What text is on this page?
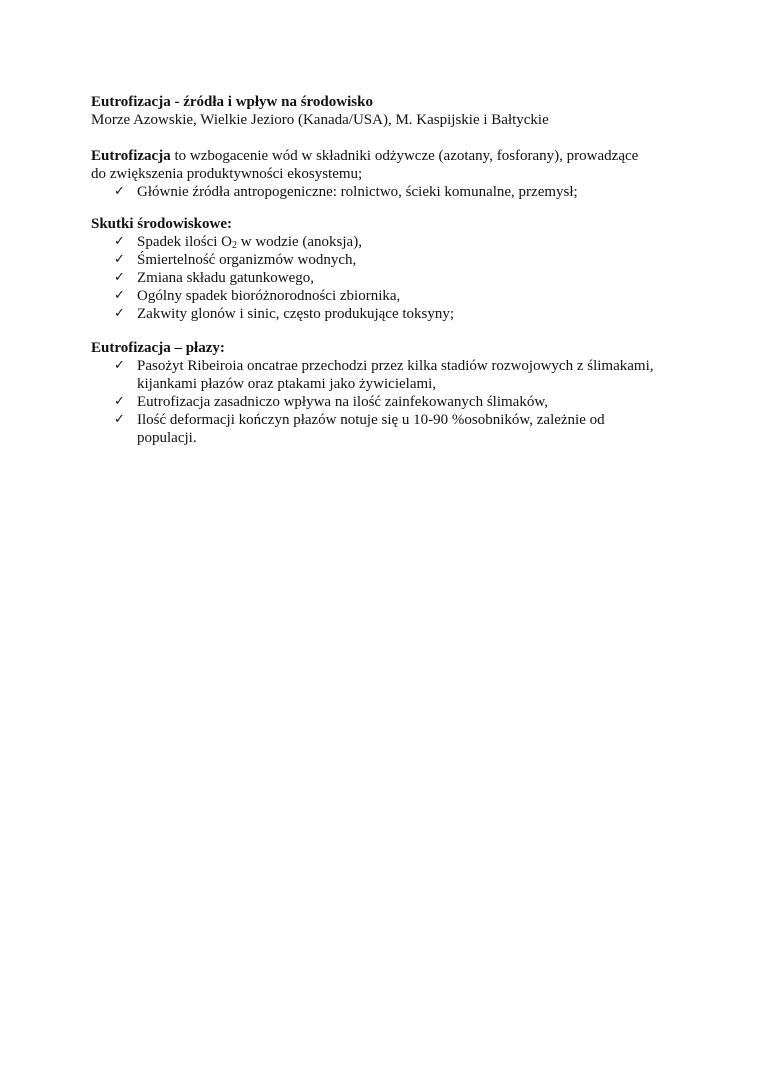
Eutrofizacja - źródła i wpływ na środowisko
Morze Azowskie, Wielkie Jezioro (Kanada/USA), M. Kaspijskie i Bałtyckie
Eutrofizacja to wzbogacenie wód w składniki odżywcze (azotany, fosforany), prowadzące
do zwiększenia produktywności ekosystemu;
✓ Głównie źródła antropogeniczne: rolnictwo, ścieki komunalne, przemysł;
Skutki środowiskowe:
✓ Spadek ilości $O_2$ w wodzie (anoksja),
✓ Śmiertelność organizmów wodnych,
✓ Zmiana składu gatunkowego,
✓ Ogólny spadek bioróżnorodności zbiornika,
✓ Zakwity glonów i sinic, często produkujące toksyny;
Eutrofizacja – płazy:
✓ Pasożyt Ribeiroia oncatrae przechodzi przez kilka stadiów rozwojowych z ślimakami,
kijankami płazów oraz ptakami jako żywicielami,
✓ Eutrofizacja zasadniczo wpływa na ilość zainfekowanych ślimaków,
✓ Ilość deformacji kończyn płazów notuje się u 10-90 %osobników, zależnie od
populacji.
